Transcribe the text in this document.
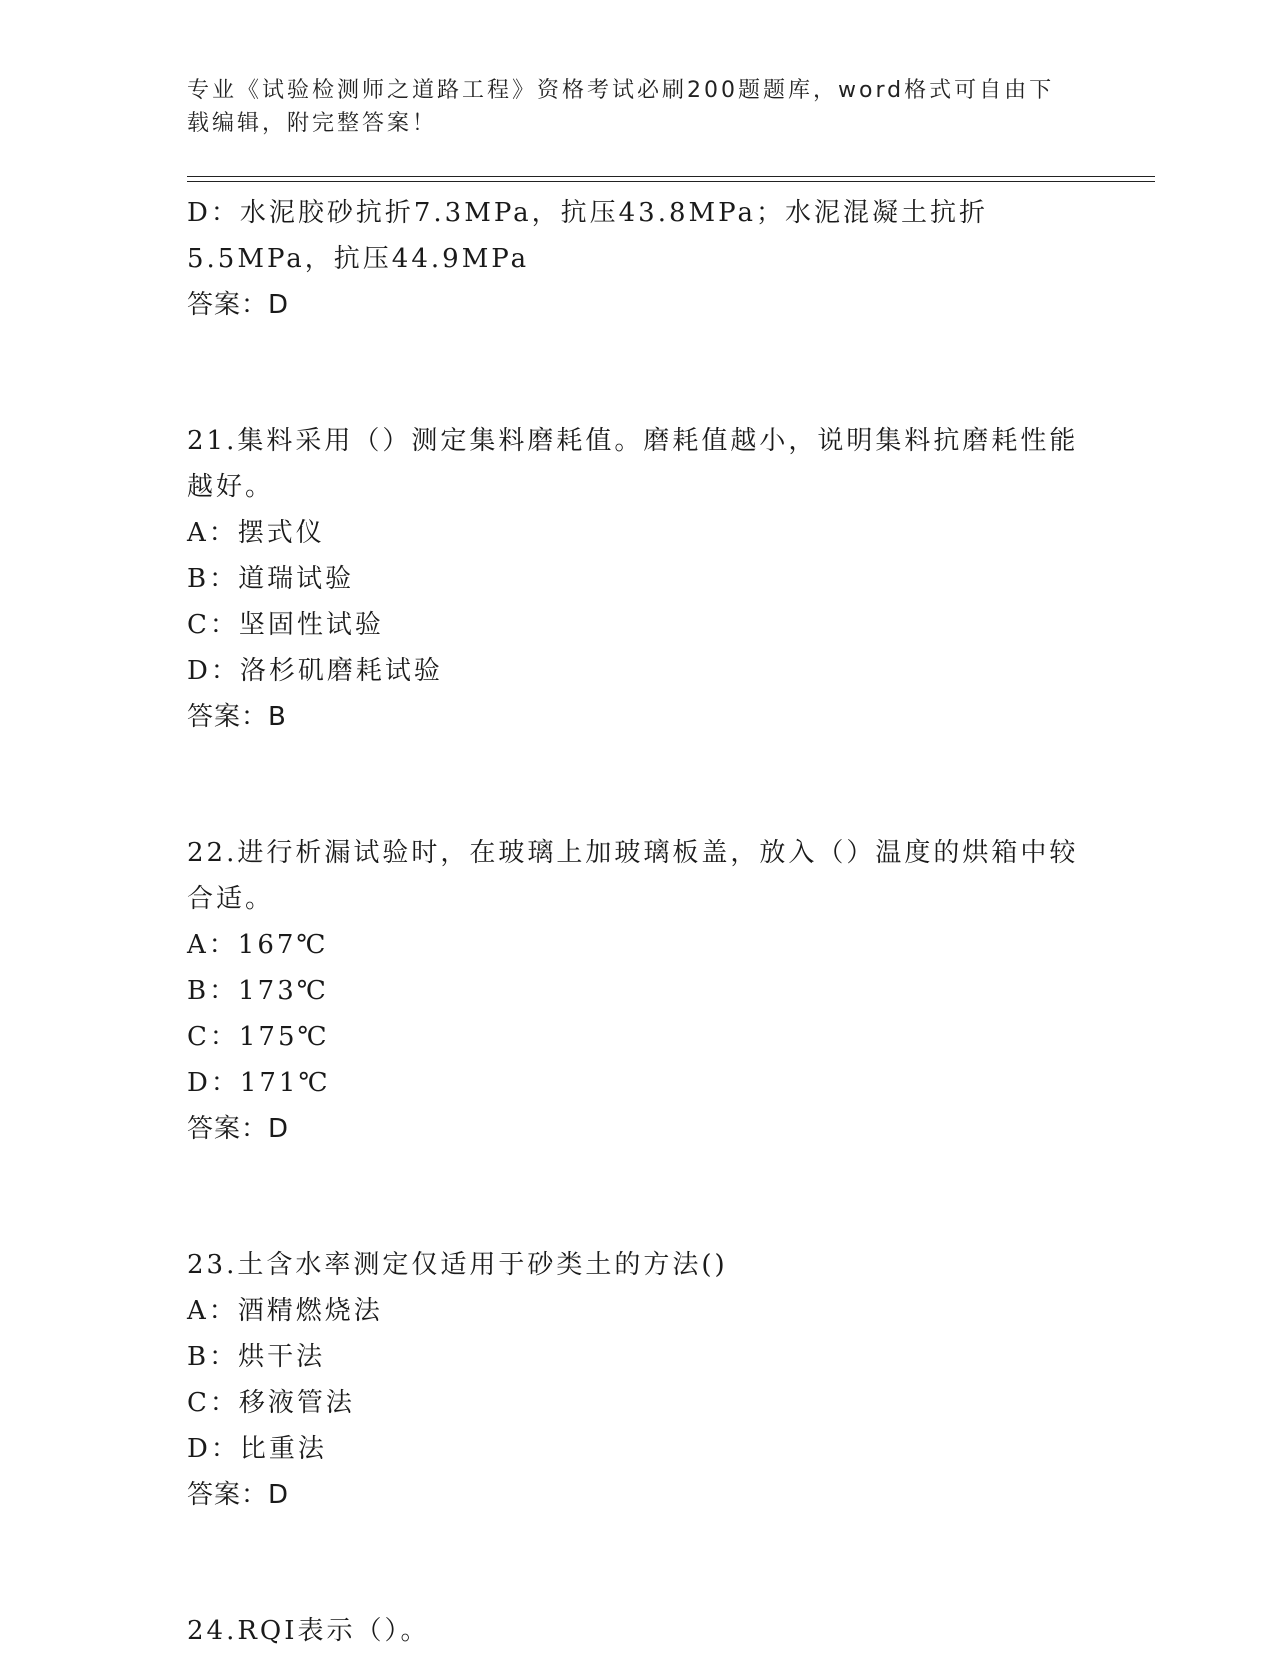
专业《试验检测师之道路工程》资格考试必刷200题题库，word格式可自由下载编辑，附完整答案！
D：水泥胶砂抗折7.3MPa，抗压43.8MPa；水泥混凝土抗折5.5MPa，抗压44.9MPa
答案：D
21.集料采用（）测定集料磨耗值。磨耗值越小，说明集料抗磨耗性能越好。
A：摆式仪
B：道瑞试验
C：坚固性试验
D：洛杉矶磨耗试验
答案：B
22.进行析漏试验时，在玻璃上加玻璃板盖，放入（）温度的烘箱中较合适。
A：167℃
B：173℃
C：175℃
D：171℃
答案：D
23.土含水率测定仅适用于砂类土的方法()
A：酒精燃烧法
B：烘干法
C：移液管法
D：比重法
答案：D
24.RQI表示（）。
